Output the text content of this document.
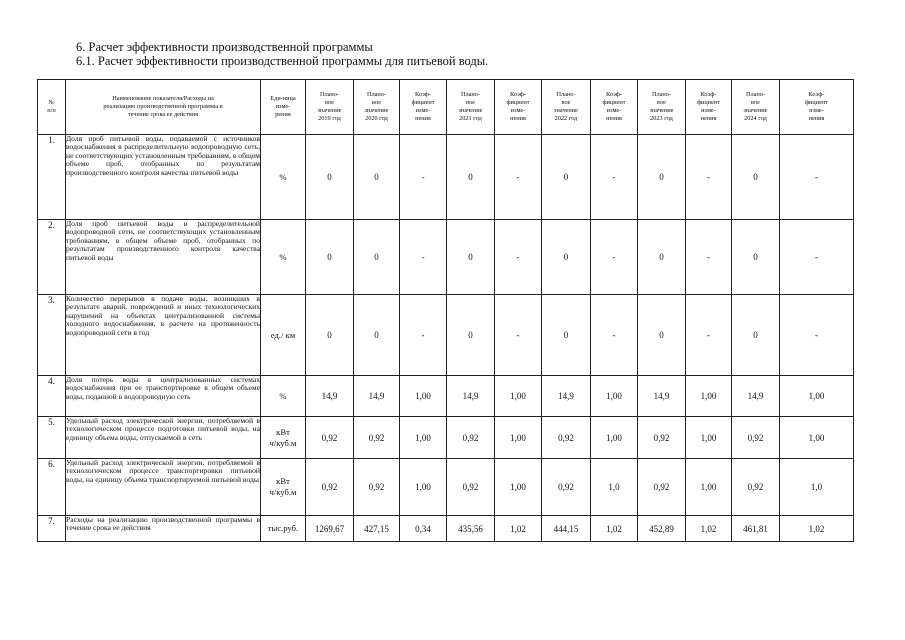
6. Расчет эффективности производственной программы
6.1. Расчет эффективности производственной программы для питьевой воды.
№
п/п	Наименование показателя/Расходы на
реализацию производственной программы в
течение срока ее действия	Еди-ница
изме-
рения	Плано-
вое
значение
2019 год	Плано-
вое
значение
2020 год	Коэф-
фициент
изме-
нения	Плано-
вое
значение
2021 год	Коэф-
фициент
изме-
нения	Плано-
вое
значение
2022 год	Коэф-
фициент
изме-
нения	Плано-
вое
значение
2023 год	Коэф-
фициент
изме-
нения	Плано-
вое
значение
2024 год	Коэф-
фициент
изме-
нения
1.	Доля проб питьевой воды, подаваемой с источников водоснабжения в распределительную водопроводную сеть, не соответствующих установленным требованиям, в общем объеме проб, отобранных по результатам производственного контроля качества питьевой воды	%	0	0	-	0	-	0	-	0	-	0	-
2.	Доля проб питьевой воды в распределительной водопроводной сети, не соответствующих установленным требованиям, в общем объеме проб, отобранных по результатам производственного контроля качества питьевой воды	%	0	0	-	0	-	0	-	0	-	0	-
3.	Количество перерывов в подаче воды, возникших в результате аварий, повреждений и иных технологических нарушений на объектах централизованной системы холодного водоснабжения, в расчете на протяженность водопроводной сети в год	ед./ км	0	0	-	0	-	0	-	0	-	0	-
4.	Доля потерь воды в централизованных системах водоснабжения при ее транспортировке в общем объеме воды, поданной в водопроводную сеть	%	14,9	14,9	1,00	14,9	1,00	14,9	1,00	14,9	1,00	14,9	1,00
5.	Удельный расход электрической энергии, потребляемой в технологическом процессе подготовки питьевой воды, на единицу объема воды, отпускаемой в сеть	кВт
ч/куб.м	0,92	0,92	1,00	0,92	1,00	0,92	1,00	0,92	1,00	0,92	1,00
6.	Удельный расход электрической энергии, потребляемой в технологическом процессе транспортировки питьевой воды, на единицу объема транспортируемой питьевой воды	кВт
ч/куб.м	0,92	0,92	1,00	0,92	1,00	0,92	1,0	0,92	1,00	0,92	1,0
7.	Расходы на реализацию производственной программы в течение срока ее действия	тыс.руб.	1269,67	427,15	0,34	435,56	1,02	444,15	1,02	452,89	1,02	461,81	1,02
